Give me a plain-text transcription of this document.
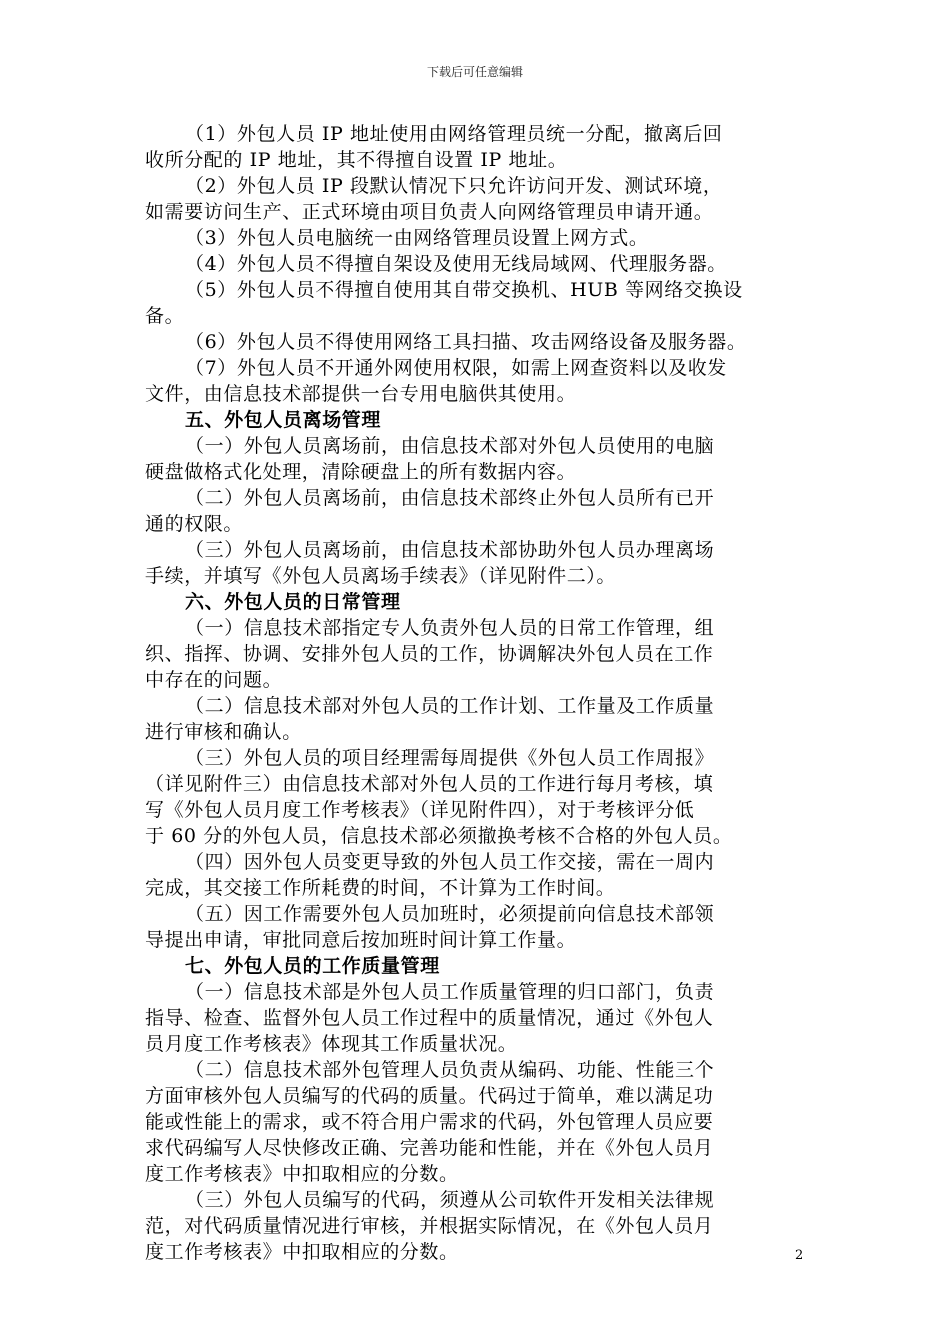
下载后可任意编辑
（1）外包人员 IP 地址使用由网络管理员统一分配，撤离后回
收所分配的 IP 地址，其不得擅自设置 IP 地址。
（2）外包人员 IP 段默认情况下只允许访问开发、测试环境，
如需要访问生产、正式环境由项目负责人向网络管理员申请开通。
（3）外包人员电脑统一由网络管理员设置上网方式。
（4）外包人员不得擅自架设及使用无线局域网、代理服务器。
（5）外包人员不得擅自使用其自带交换机、HUB 等网络交换设
备。
（6）外包人员不得使用网络工具扫描、攻击网络设备及服务器。
（7）外包人员不开通外网使用权限，如需上网查资料以及收发
文件，由信息技术部提供一台专用电脑供其使用。
五、外包人员离场管理
（一）外包人员离场前，由信息技术部对外包人员使用的电脑
硬盘做格式化处理，清除硬盘上的所有数据内容。
（二）外包人员离场前，由信息技术部终止外包人员所有已开
通的权限。
（三）外包人员离场前，由信息技术部协助外包人员办理离场
手续，并填写《外包人员离场手续表》（详见附件二）。
六、外包人员的日常管理
（一）信息技术部指定专人负责外包人员的日常工作管理，组
织、指挥、协调、安排外包人员的工作，协调解决外包人员在工作
中存在的问题。
（二）信息技术部对外包人员的工作计划、工作量及工作质量
进行审核和确认。
（三）外包人员的项目经理需每周提供《外包人员工作周报》
（详见附件三）由信息技术部对外包人员的工作进行每月考核，填
写《外包人员月度工作考核表》（详见附件四），对于考核评分低
于 60 分的外包人员，信息技术部必须撤换考核不合格的外包人员。
（四）因外包人员变更导致的外包人员工作交接，需在一周内
完成，其交接工作所耗费的时间，不计算为工作时间。
（五）因工作需要外包人员加班时，必须提前向信息技术部领
导提出申请，审批同意后按加班时间计算工作量。
七、外包人员的工作质量管理
（一）信息技术部是外包人员工作质量管理的归口部门，负责
指导、检查、监督外包人员工作过程中的质量情况，通过《外包人
员月度工作考核表》体现其工作质量状况。
（二）信息技术部外包管理人员负责从编码、功能、性能三个
方面审核外包人员编写的代码的质量。代码过于简单，难以满足功
能或性能上的需求，或不符合用户需求的代码，外包管理人员应要
求代码编写人尽快修改正确、完善功能和性能，并在《外包人员月
度工作考核表》中扣取相应的分数。
（三）外包人员编写的代码，须遵从公司软件开发相关法律规
范，对代码质量情况进行审核，并根据实际情况，在《外包人员月
度工作考核表》中扣取相应的分数。	2
